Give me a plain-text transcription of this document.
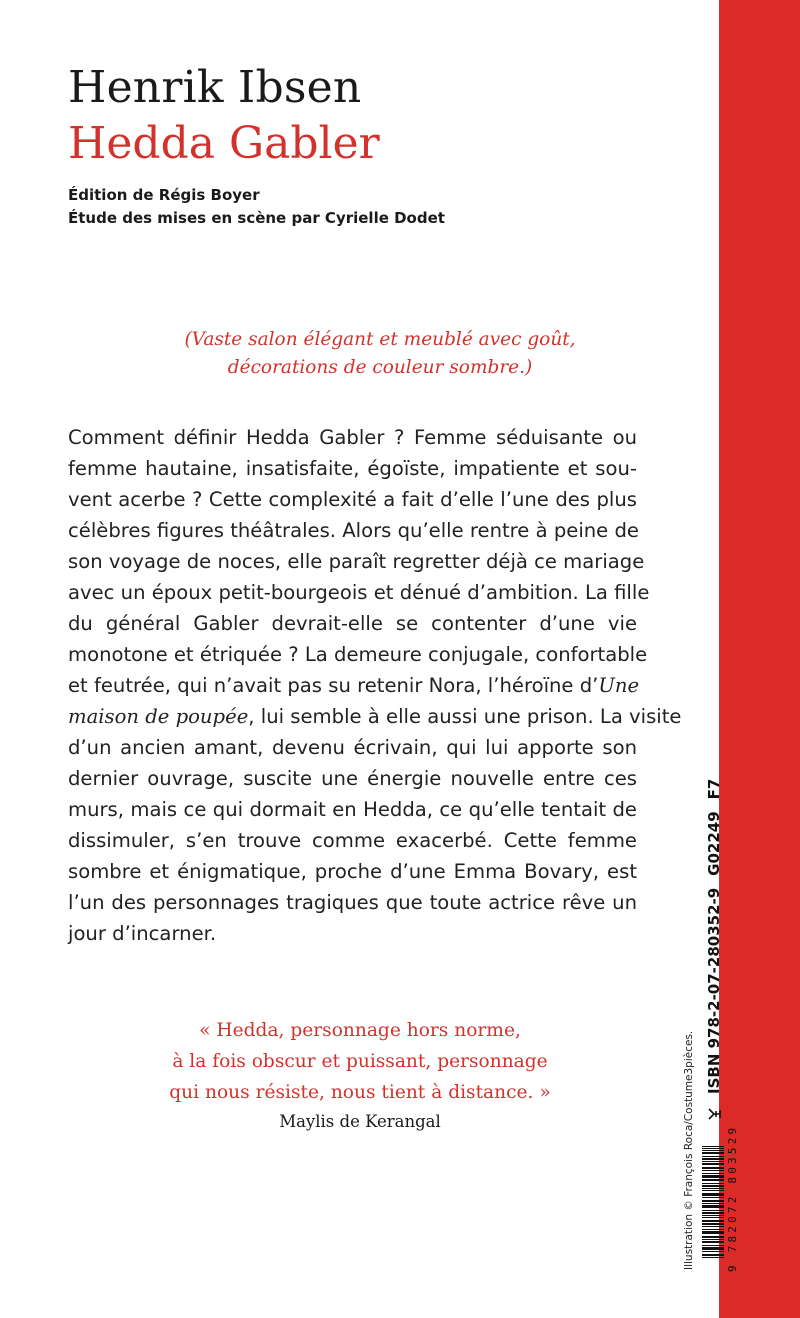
Henrik Ibsen
Hedda Gabler
Édition de Régis Boyer
Étude des mises en scène par Cyrielle Dodet
(Vaste salon élégant et meublé avec goût,
décorations de couleur sombre.)
Comment définir Hedda Gabler ? Femme séduisante ou
femme hautaine, insatisfaite, égoïste, impatiente et sou-
vent acerbe ? Cette complexité a fait d’elle l’une des plus
célèbres figures théâtrales. Alors qu’elle rentre à peine de
son voyage de noces, elle paraît regretter déjà ce mariage
avec un époux petit-bourgeois et dénué d’ambition. La fille
du général Gabler devrait-elle se contenter d’une vie
monotone et étriquée ? La demeure conjugale, confortable
et feutrée, qui n’avait pas su retenir Nora, l’héroïne d’Une
maison de poupée, lui semble à elle aussi une prison. La visite
d’un ancien amant, devenu écrivain, qui lui apporte son
dernier ouvrage, suscite une énergie nouvelle entre ces
murs, mais ce qui dormait en Hedda, ce qu’elle tentait de
dissimuler, s’en trouve comme exacerbé. Cette femme
sombre et énigmatique, proche d’une Emma Bovary, est
l’un des personnages tragiques que toute actrice rêve un
jour d’incarner.
« Hedda, personnage hors norme,
à la fois obscur et puissant, personnage
qui nous résiste, nous tient à distance. »
Maylis de Kerangal	Illustration © François Roca/Costume3pièces.	9 782072 803529
ISBN 978-2-07-280352-9
G02249
F7
